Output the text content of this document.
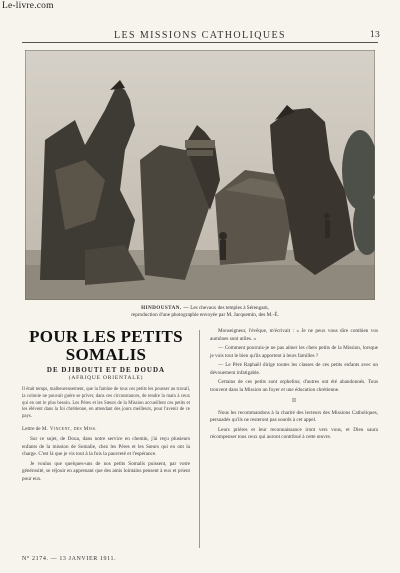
Le-livre.com
LES MISSIONS CATHOLIQUES	13
HINDOUSTAN. — Les chevaux des temples à Sérengam,
reproduction d'une photographie envoyée par M. Jacquemin, des M.-É.
POUR LES PETITS SOMALIS
DE DJIBOUTI ET DE DOUDA
(AFRIQUE ORIENTALE)
Il était temps, malheureusement, que la famine de tous ces petits les pousser au travail, la colonie ne pouvait guère se priver, dans ces circonstances, de tendre la main à ceux qui en ont le plus besoin. Les Pères et les Sœurs de la Mission accueillent ces petits et les élèvent dans la foi chrétienne, en attendant des jours meilleurs, pour l'avenir de ce pays.
Lettre de M. Vincent, des Miss.

Sur ce sujet, de Doua, dans notre service en chemin, j'ai reçu plusieurs enfants de la mission de Somalie, chez les Pères et les Sœurs qui en ont la charge. C'est là que je vis tout à la fois la pauvreté et l'espérance.

Je voulus que quelques-uns de nos petits Somalis puissent, par votre générosité, se réjouir en apprenant que des amis lointains pensent à eux et prient pour eux.

Monseigneur, l'évêque, m'écrivait : « Je ne peux vous dire combien vos aumônes sont utiles. »

— Comment pourrais-je ne pas aimer les chers petits de la Mission, lorsque je vois tout le bien qu'ils apportent à leurs familles ?

— Le Père Raphaël dirige toutes les classes de ces petits enfants avec un dévouement infatigable.

Certains de ces petits sont orphelins; d'autres ont été abandonnés. Tous trouvent dans la Mission un foyer et une éducation chrétienne.

II

Nous les recommandons à la charité des lecteurs des Missions Catholiques, persuadés qu'ils ne resteront pas sourds à cet appel.

Leurs prières et leur reconnaissance iront vers vous, et Dieu saura récompenser tous ceux qui auront contribué à cette œuvre.

N° 2174. — 13 JANVIER 1911.
